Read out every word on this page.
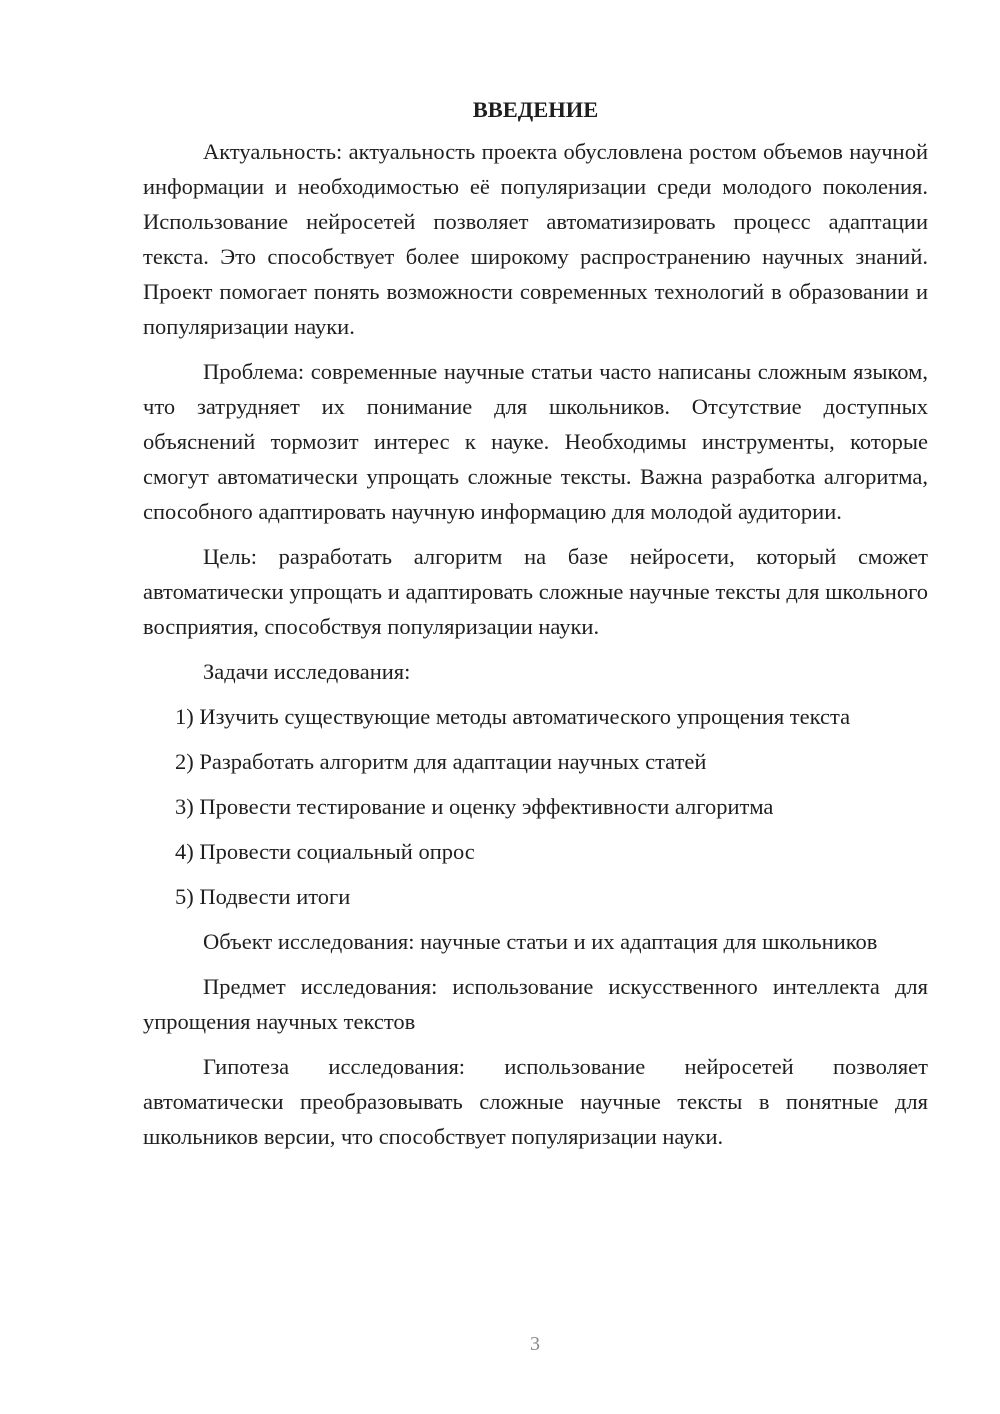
ВВЕДЕНИЕ

Актуальность: актуальность проекта обусловлена ростом объемов научной информации и необходимостью её популяризации среди молодого поколения. Использование нейросетей позволяет автоматизировать процесс адаптации текста. Это способствует более широкому распространению научных знаний. Проект помогает понять возможности современных технологий в образовании и популяризации науки.

Проблема: современные научные статьи часто написаны сложным языком, что затрудняет их понимание для школьников. Отсутствие доступных объяснений тормозит интерес к науке. Необходимы инструменты, которые смогут автоматически упрощать сложные тексты. Важна разработка алгоритма, способного адаптировать научную информацию для молодой аудитории.

Цель: разработать алгоритм на базе нейросети, который сможет автоматически упрощать и адаптировать сложные научные тексты для школьного восприятия, способствуя популяризации науки.

Задачи исследования:

1) Изучить существующие методы автоматического упрощения текста

2) Разработать алгоритм для адаптации научных статей

3) Провести тестирование и оценку эффективности алгоритма

4) Провести социальный опрос

5) Подвести итоги

Объект исследования: научные статьи и их адаптация для школьников

Предмет исследования: использование искусственного интеллекта для упрощения научных текстов

Гипотеза исследования: использование нейросетей позволяет автоматически преобразовывать сложные научные тексты в понятные для школьников версии, что способствует популяризации науки.

3
